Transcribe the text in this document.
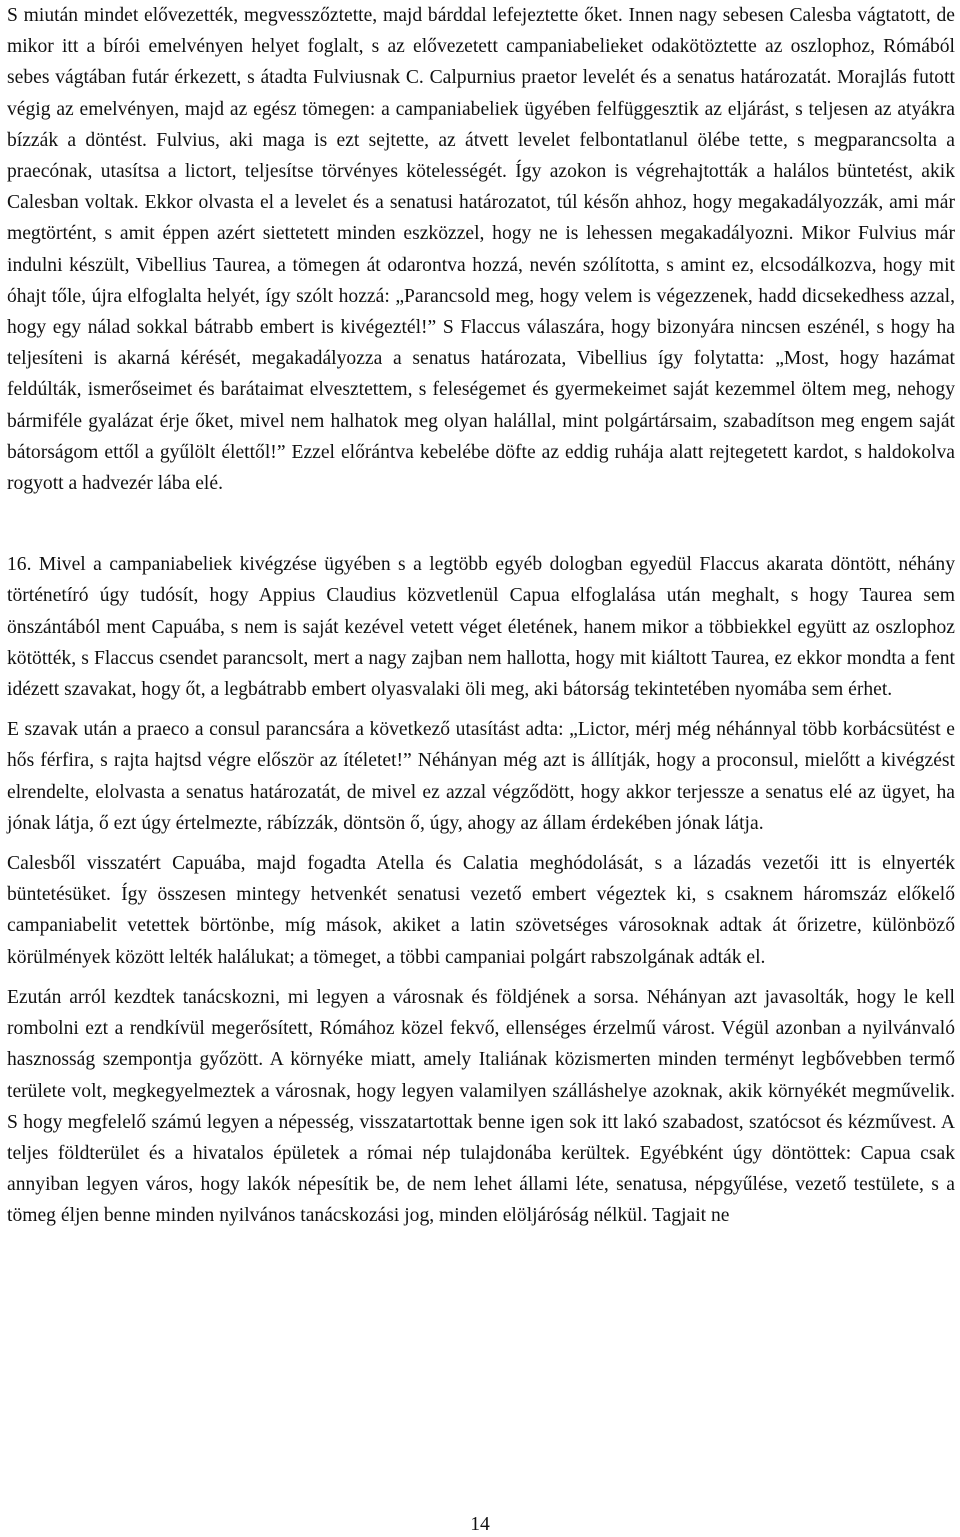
S miután mindet elővezették, megvesszőztette, majd bárddal lefejeztette őket. Innen nagy sebesen Calesba vágtatott, de mikor itt a bírói emelvényen helyet foglalt, s az elővezetett campaniabelieket odakötöztette az oszlophoz, Rómából sebes vágtában futár érkezett, s átadta Fulviusnak C. Calpurnius praetor levelét és a senatus határozatát. Morajlás futott végig az emelvényen, majd az egész tömegen: a campaniabeliek ügyében felfüggesztik az eljárást, s teljesen az atyákra bízzák a döntést. Fulvius, aki maga is ezt sejtette, az átvett levelet felbontatlanul ölébe tette, s megparancsolta a praecónak, utasítsa a lictort, teljesítse törvényes kötelességét. Így azokon is végrehajtották a halálos büntetést, akik Calesban voltak. Ekkor olvasta el a levelet és a senatusi határozatot, túl későn ahhoz, hogy megakadályozzák, ami már megtörtént, s amit éppen azért siettetett minden eszközzel, hogy ne is lehessen megakadályozni. Mikor Fulvius már indulni készült, Vibellius Taurea, a tömegen át odarontva hozzá, nevén szólította, s amint ez, elcsodálkozva, hogy mit óhajt tőle, újra elfoglalta helyét, így szólt hozzá: „Parancsold meg, hogy velem is végezzenek, hadd dicsekedhess azzal, hogy egy nálad sokkal bátrabb embert is kivégeztél!” S Flaccus válaszára, hogy bizonyára nincsen eszénél, s hogy ha teljesíteni is akarná kérését, megakadályozza a senatus határozata, Vibellius így folytatta: „Most, hogy hazámat feldúlták, ismerőseimet és barátaimat elvesztettem, s feleségemet és gyermekeimet saját kezemmel öltem meg, nehogy bármiféle gyalázat érje őket, mivel nem halhatok meg olyan halállal, mint polgártársaim, szabadítson meg engem saját bátorságom ettől a gyűlölt élettől!” Ezzel előrántva kebelébe döfte az eddig ruhája alatt rejtegetett kardot, s haldokolva rogyott a hadvezér lába elé.

16. Mivel a campaniabeliek kivégzése ügyében s a legtöbb egyéb dologban egyedül Flaccus akarata döntött, néhány történetíró úgy tudósít, hogy Appius Claudius közvetlenül Capua elfoglalása után meghalt, s hogy Taurea sem önszántából ment Capuába, s nem is saját kezével vetett véget életének, hanem mikor a többiekkel együtt az oszlophoz kötötték, s Flaccus csendet parancsolt, mert a nagy zajban nem hallotta, hogy mit kiáltott Taurea, ez ekkor mondta a fent idézett szavakat, hogy őt, a legbátrabb embert olyasvalaki öli meg, aki bátorság tekintetében nyomába sem érhet.

E szavak után a praeco a consul parancsára a következő utasítást adta: „Lictor, mérj még néhánnyal több korbácsütést e hős férfira, s rajta hajtsd végre először az ítéletet!” Néhányan még azt is állítják, hogy a proconsul, mielőtt a kivégzést elrendelte, elolvasta a senatus határozatát, de mivel ez azzal végződött, hogy akkor terjessze a senatus elé az ügyet, ha jónak látja, ő ezt úgy értelmezte, rábízzák, döntsön ő, úgy, ahogy az állam érdekében jónak látja.

Calesből visszatért Capuába, majd fogadta Atella és Calatia meghódolását, s a lázadás vezetői itt is elnyerték büntetésüket. Így összesen mintegy hetvenkét senatusi vezető embert végeztek ki, s csaknem háromszáz előkelő campaniabelit vetettek börtönbe, míg mások, akiket a latin szövetséges városoknak adtak át őrizetre, különböző körülmények között lelték halálukat; a tömeget, a többi campaniai polgárt rabszolgának adták el.

Ezután arról kezdtek tanácskozni, mi legyen a városnak és földjének a sorsa. Néhányan azt javasolták, hogy le kell rombolni ezt a rendkívül megerősített, Rómához közel fekvő, ellenséges érzelmű várost. Végül azonban a nyilvánvaló hasznosság szempontja győzött. A környéke miatt, amely Italiának közismerten minden terményt legbővebben termő területe volt, megkegyelmeztek a városnak, hogy legyen valamilyen szálláshelye azoknak, akik környékét megművelik. S hogy megfelelő számú legyen a népesség, visszatartottak benne igen sok itt lakó szabadost, szatócsot és kézművest. A teljes földterület és a hivatalos épületek a római nép tulajdonába kerültek. Egyébként úgy döntöttek: Capua csak annyiban legyen város, hogy lakók népesítik be, de nem lehet állami léte, senatusa, népgyűlése, vezető testülete, s a tömeg éljen benne minden nyilvános tanácskozási jog, minden elöljáróság nélkül. Tagjait ne

14
